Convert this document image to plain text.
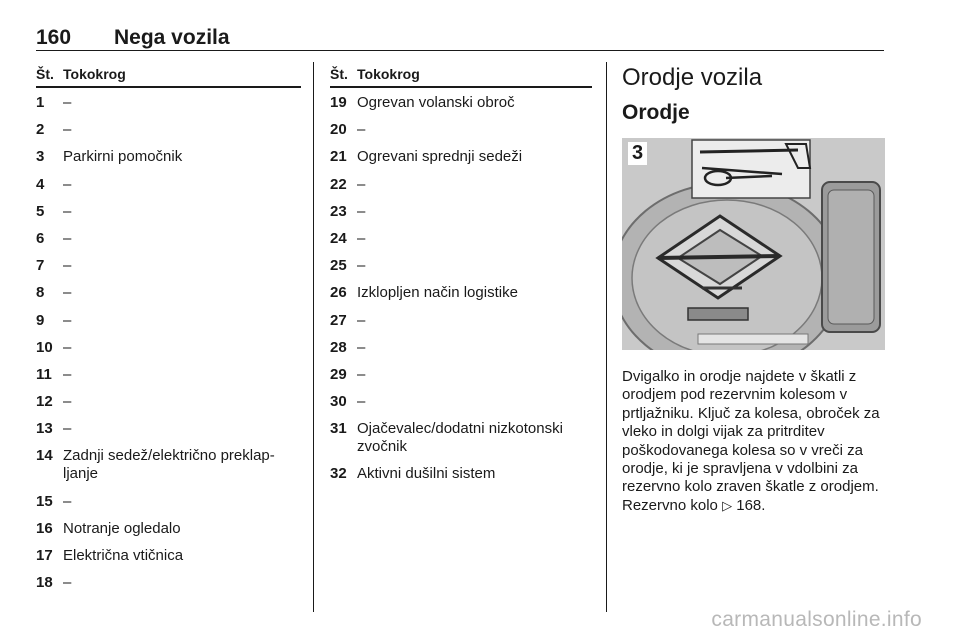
160 Nega vozila
Št. Tokokrog
1	–
2	–
3	Parkirni pomočnik
4	–
5	–
6	–
7	–
8	–
9	–
10 –
11 –
12 –
13 –
14 Zadnji sedež/električno preklap-ljanje
15 –
16 Notranje ogledalo
17 Električna vtičnica
18 –
Št. Tokokrog
19 Ogrevan volanski obroč
20 –
21 Ogrevani sprednji sedeži
22 –
23 –
24 –
25 –
26 Izklopljen način logistike
27 –
28 –
29 –
30 –
31 Ojačevalec/dodatni nizkotonski zvočnik
32 Aktivni dušilni sistem
Orodje vozila
Orodje
3
Dvigalko in orodje najdete v škatli z orodjem pod rezervnim kolesom v prtljažniku. Ključ za kolesa, obroček za vleko in dolgi vijak za pritrditev poškodovanega kolesa so v vreči za orodje, ki je spravljena v vdolbini za rezervno kolo zraven škatle z orodjem. Rezervno kolo ▷ 168.
carmanualsonline.info
